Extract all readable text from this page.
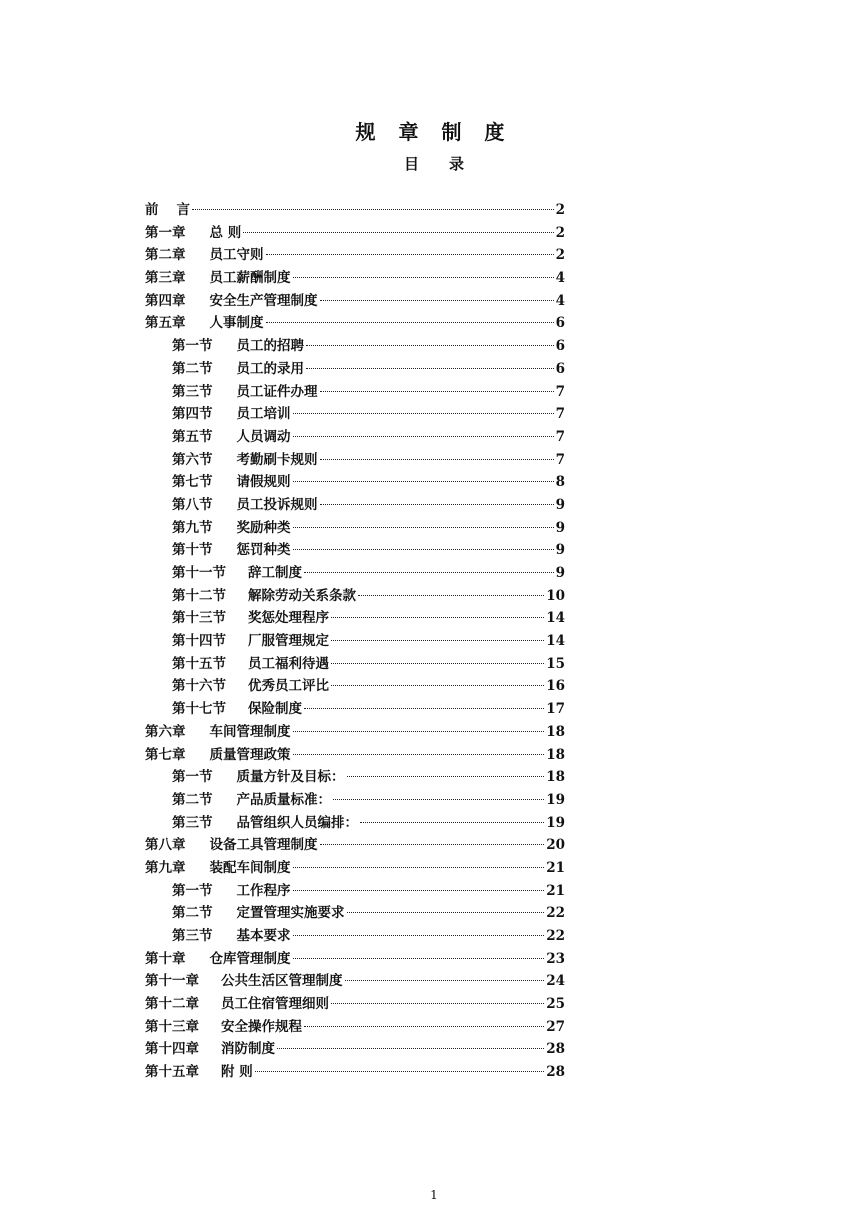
规 章 制 度
目 录
前 言	2
第一章 总 则	2
第二章 员工守则	2
第三章 员工薪酬制度	4
第四章 安全生产管理制度	4
第五章 人事制度	6
第一节 员工的招聘	6
第二节 员工的录用	6
第三节 员工证件办理	7
第四节 员工培训	7
第五节 人员调动	7
第六节 考勤刷卡规则	7
第七节 请假规则	8
第八节 员工投诉规则	9
第九节 奖励种类	9
第十节 惩罚种类	9
第十一节 辞工制度	9
第十二节 解除劳动关系条款	10
第十三节 奖惩处理程序	14
第十四节 厂服管理规定	14
第十五节 员工福利待遇	15
第十六节 优秀员工评比	16
第十七节 保险制度	17
第六章 车间管理制度	18
第七章 质量管理政策	18
第一节 质量方针及目标：	18
第二节 产品质量标准：	19
第三节 品管组织人员编排：	19
第八章 设备工具管理制度	20
第九章 装配车间制度	21
第一节 工作程序	21
第二节 定置管理实施要求	22
第三节 基本要求	22
第十章 仓库管理制度	23
第十一章 公共生活区管理制度	24
第十二章 员工住宿管理细则	25
第十三章 安全操作规程	27
第十四章 消防制度	28
第十五章 附 则	28
1
